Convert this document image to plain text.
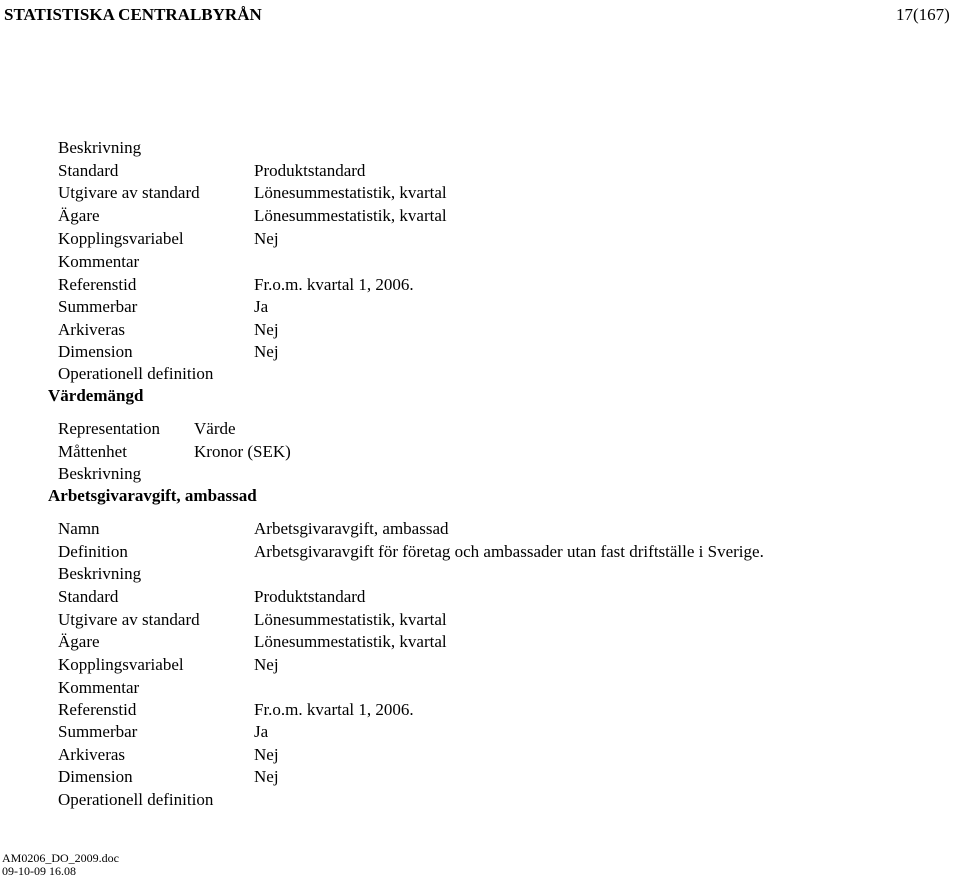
STATISTISKA CENTRALBYRÅN	17(167)
Beskrivning
Standard	Produktstandard
Utgivare av standard	Lönesummestatistik, kvartal
Ägare	Lönesummestatistik, kvartal
Kopplingsvariabel	Nej
Kommentar
Referenstid	Fr.o.m. kvartal 1, 2006.
Summerbar	Ja
Arkiveras	Nej
Dimension	Nej
Operationell definition
Värdemängd
Representation Värde
Måttenhet	Kronor (SEK)
Beskrivning
Arbetsgivaravgift, ambassad
Namn	Arbetsgivaravgift, ambassad
Definition	Arbetsgivaravgift för företag och ambassader utan fast driftställe i Sverige.
Beskrivning
Standard	Produktstandard
Utgivare av standard	Lönesummestatistik, kvartal
Ägare	Lönesummestatistik, kvartal
Kopplingsvariabel	Nej
Kommentar
Referenstid	Fr.o.m. kvartal 1, 2006.
Summerbar	Ja
Arkiveras	Nej
Dimension	Nej
Operationell definition
AM0206_DO_2009.doc
09-10-09 16.08
